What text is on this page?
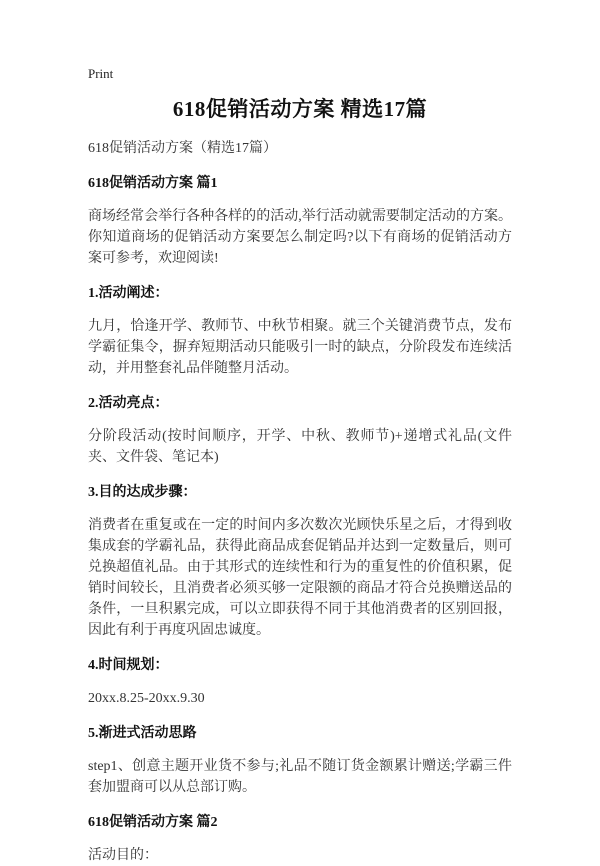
Print
618促销活动方案 精选17篇

618促销活动方案（精选17篇）

618促销活动方案 篇1

商场经常会举行各种各样的的活动,举行活动就需要制定活动的方案。你知道商场的促销活动方案要怎么制定吗?以下有商场的促销活动方案可参考，欢迎阅读!

1.活动阐述：

九月，恰逢开学、教师节、中秋节相聚。就三个关键消费节点，发布学霸征集令，摒弃短期活动只能吸引一时的缺点，分阶段发布连续活动，并用整套礼品伴随整月活动。

2.活动亮点：

分阶段活动(按时间顺序，开学、中秋、教师节)+递增式礼品(文件夹、文件袋、笔记本)

3.目的达成步骤：

消费者在重复或在一定的时间内多次数次光顾快乐星之后，才得到收集成套的学霸礼品，获得此商品成套促销品并达到一定数量后，则可兑换超值礼品。由于其形式的连续性和行为的重复性的价值积累，促销时间较长，且消费者必须买够一定限额的商品才符合兑换赠送品的条件，一旦积累完成，可以立即获得不同于其他消费者的区别回报，因此有利于再度巩固忠诚度。

4.时间规划：

20xx.8.25-20xx.9.30

5.渐进式活动思路

step1、创意主题开业货不参与;礼品不随订货金额累计赠送;学霸三件套加盟商可以从总部订购。

618促销活动方案 篇2

活动目的：
